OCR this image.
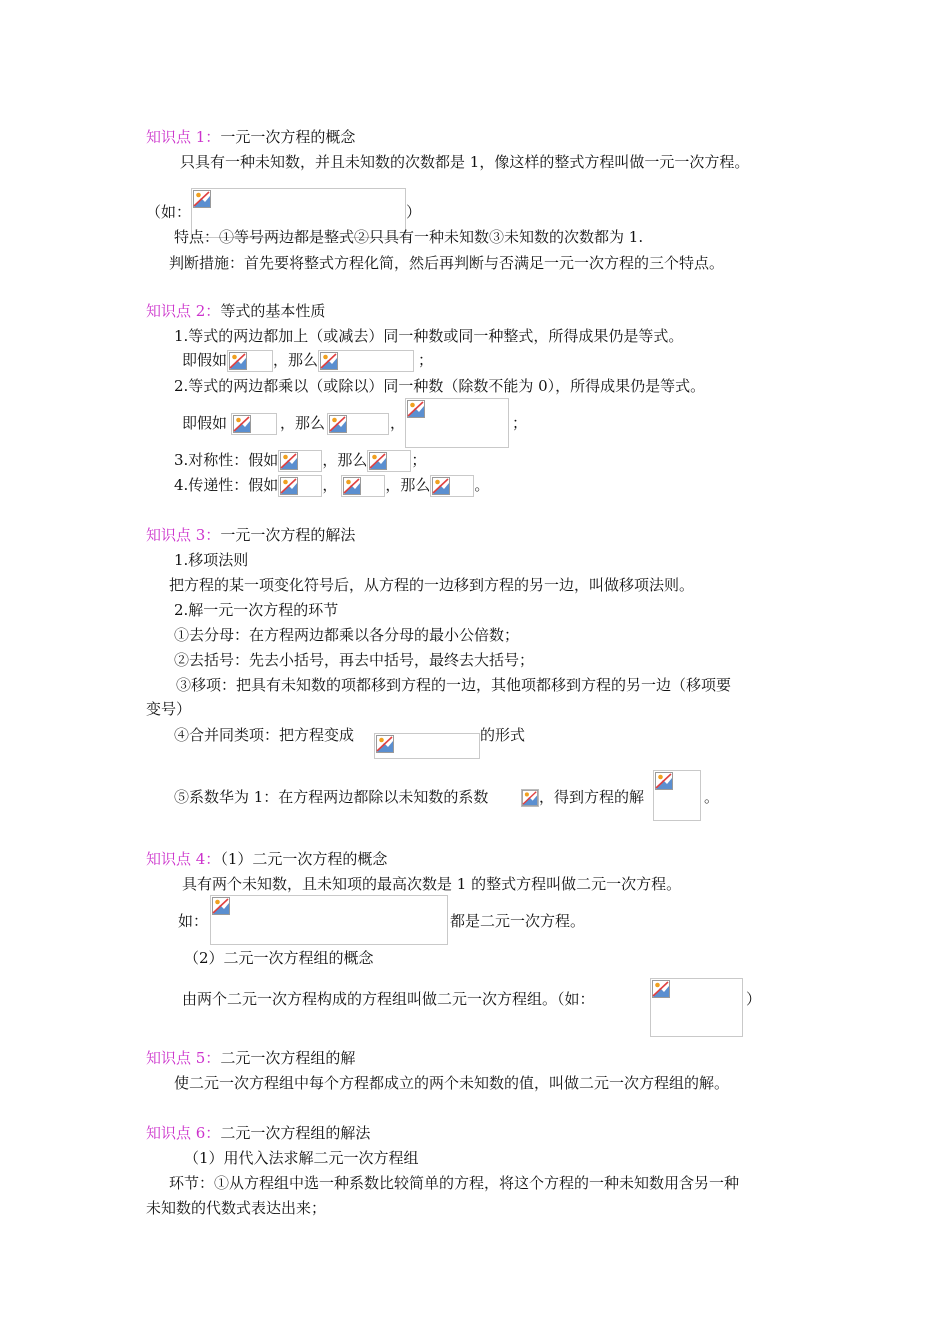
知识点 1：一元一次方程的概念
只具有一种未知数，并且未知数的次数都是 1，像这样的整式方程叫做一元一次方程。
（如：	）
特点：①等号两边都是整式②只具有一种未知数③未知数的次数都为 1.
判断措施：首先要将整式方程化简，然后再判断与否满足一元一次方程的三个特点。
知识点 2：等式的基本性质
1.等式的两边都加上（或减去）同一种数或同一种整式，所得成果仍是等式。
即假如	，那么	；
2.等式的两边都乘以（或除以）同一种数（除数不能为 0），所得成果仍是等式。
即假如	，那么	，	；
3.对称性：假如	，那么	；
4.传递性：假如	，	，那么	。
知识点 3：一元一次方程的解法
1.移项法则
把方程的某一项变化符号后，从方程的一边移到方程的另一边，叫做移项法则。
2.解一元一次方程的环节
①去分母：在方程两边都乘以各分母的最小公倍数；
②去括号：先去小括号，再去中括号，最终去大括号；
③移项：把具有未知数的项都移到方程的一边，其他项都移到方程的另一边（移项要
变号）
④合并同类项：把方程变成	的形式
⑤系数华为 1：在方程两边都除以未知数的系数	，得到方程的解	。
知识点 4：（1）二元一次方程的概念
具有两个未知数，且未知项的最高次数是 1 的整式方程叫做二元一次方程。
如：	都是二元一次方程。
（2）二元一次方程组的概念
由两个二元一次方程构成的方程组叫做二元一次方程组。（如：	）
知识点 5：二元一次方程组的解
使二元一次方程组中每个方程都成立的两个未知数的值，叫做二元一次方程组的解。
知识点 6：二元一次方程组的解法
（1）用代入法求解二元一次方程组
环节：①从方程组中选一种系数比较简单的方程，将这个方程的一种未知数用含另一种
未知数的代数式表达出来；
